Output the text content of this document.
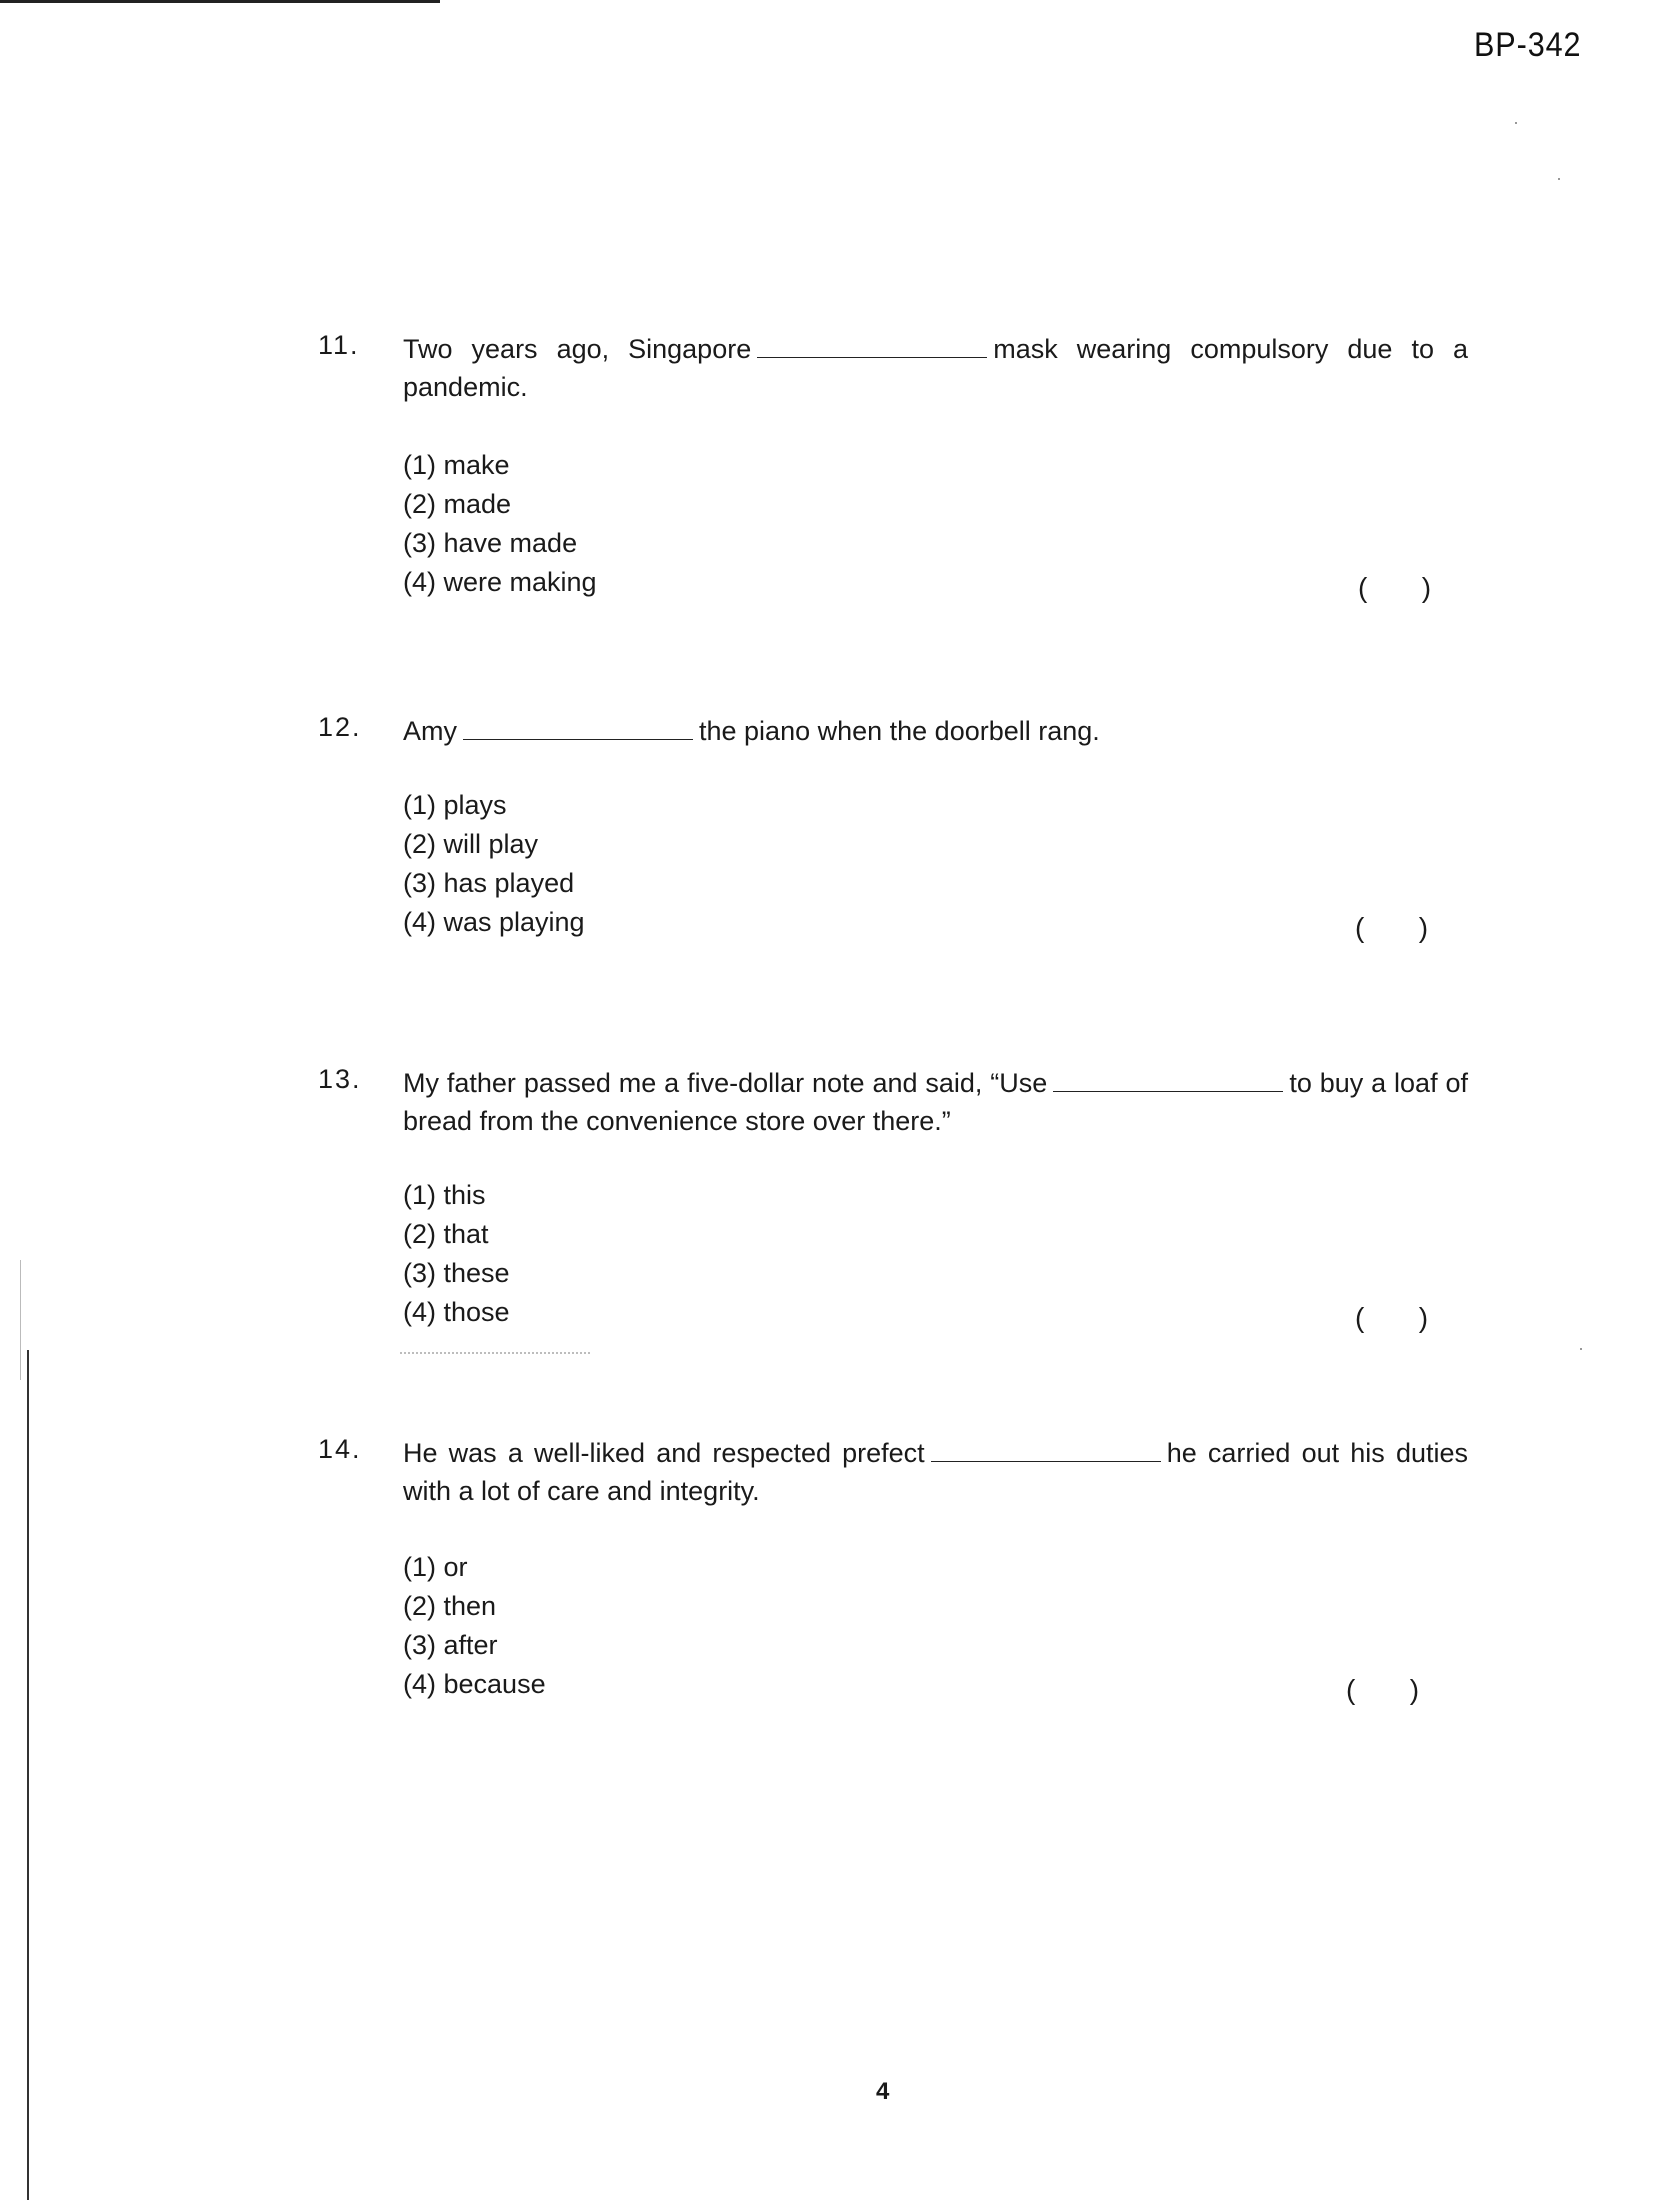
BP-342
11. Two years ago, Singapore	mask wearing compulsory due to a pandemic.
(1) make
(2) made
(3) have made
(4) were making	(       )
12. Amy	the piano when the doorbell rang.
(1) plays
(2) will play
(3) has played
(4) was playing	(       )
13. My father passed me a five-dollar note and said, “Use	to buy a loaf of bread from the convenience store over there.”
(1) this
(2) that
(3) these
(4) those	(       )
14. He was a well-liked and respected prefect	he carried out his duties with a lot of care and integrity.
(1) or
(2) then
(3) after
(4) because	(       )
4
